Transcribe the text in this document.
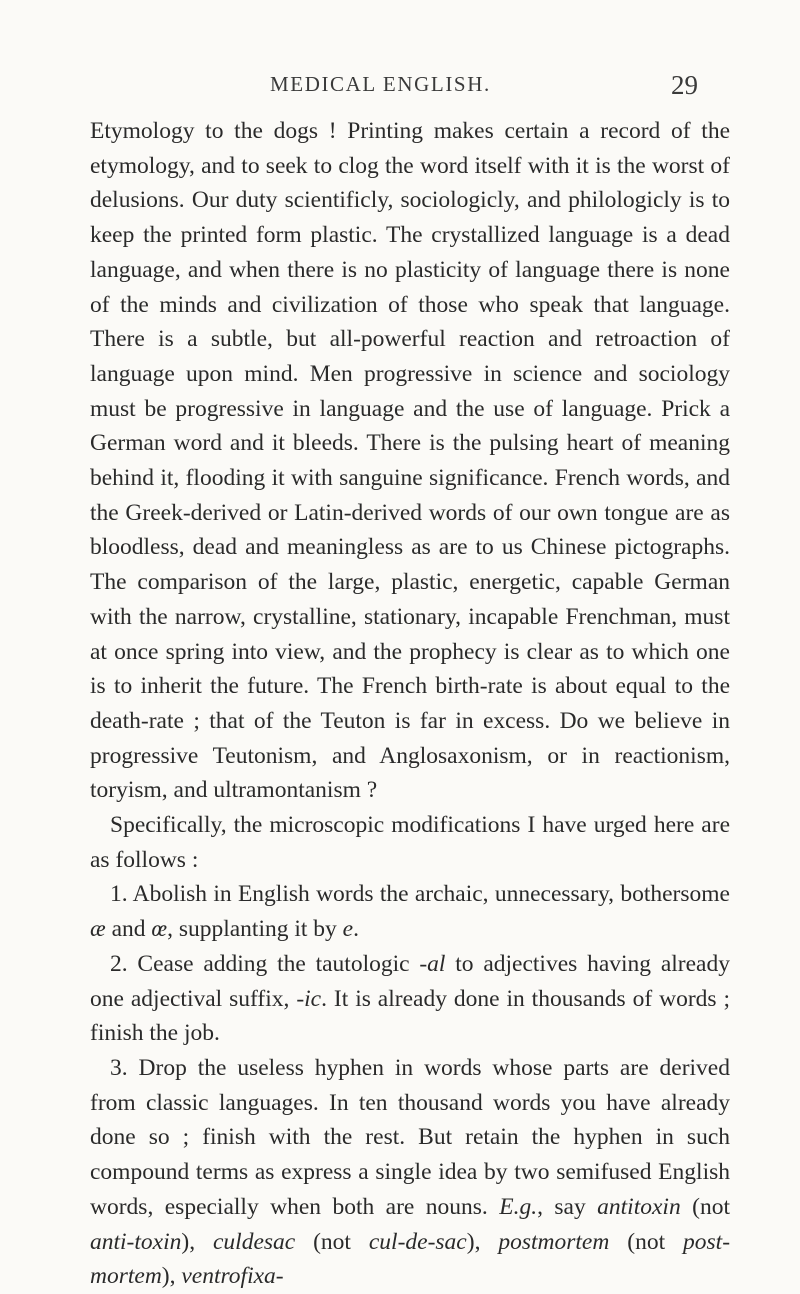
MEDICAL ENGLISH.	29

Etymology to the dogs ! Printing makes certain a record of the etymology, and to seek to clog the word itself with it is the worst of delusions. Our duty scientificly, sociologicly, and philologicly is to keep the printed form plastic. The crystallized language is a dead language, and when there is no plasticity of language there is none of the minds and civilization of those who speak that language. There is a subtle, but all-powerful reaction and retroaction of language upon mind. Men progressive in science and sociology must be progressive in language and the use of language. Prick a German word and it bleeds. There is the pulsing heart of meaning behind it, flooding it with sanguine significance. French words, and the Greek-derived or Latin-derived words of our own tongue are as bloodless, dead and meaningless as are to us Chinese pictographs. The comparison of the large, plastic, energetic, capable German with the narrow, crystalline, stationary, incapable Frenchman, must at once spring into view, and the prophecy is clear as to which one is to inherit the future. The French birth-rate is about equal to the death-rate ; that of the Teuton is far in excess. Do we believe in progressive Teutonism, and Anglosaxonism, or in reactionism, toryism, and ultramontanism ?

Specifically, the microscopic modifications I have urged here are as follows :

1. Abolish in English words the archaic, unnecessary, bothersome æ and œ, supplanting it by e.

2. Cease adding the tautologic -al to adjectives having already one adjectival suffix, -ic. It is already done in thousands of words ; finish the job.

3. Drop the useless hyphen in words whose parts are derived from classic languages. In ten thousand words you have already done so ; finish with the rest. But retain the hyphen in such compound terms as express a single idea by two semifused English words, especially when both are nouns. E.g., say antitoxin (not anti-toxin), culdesac (not cul-de-sac), postmortem (not post-mortem), ventrofixa-
